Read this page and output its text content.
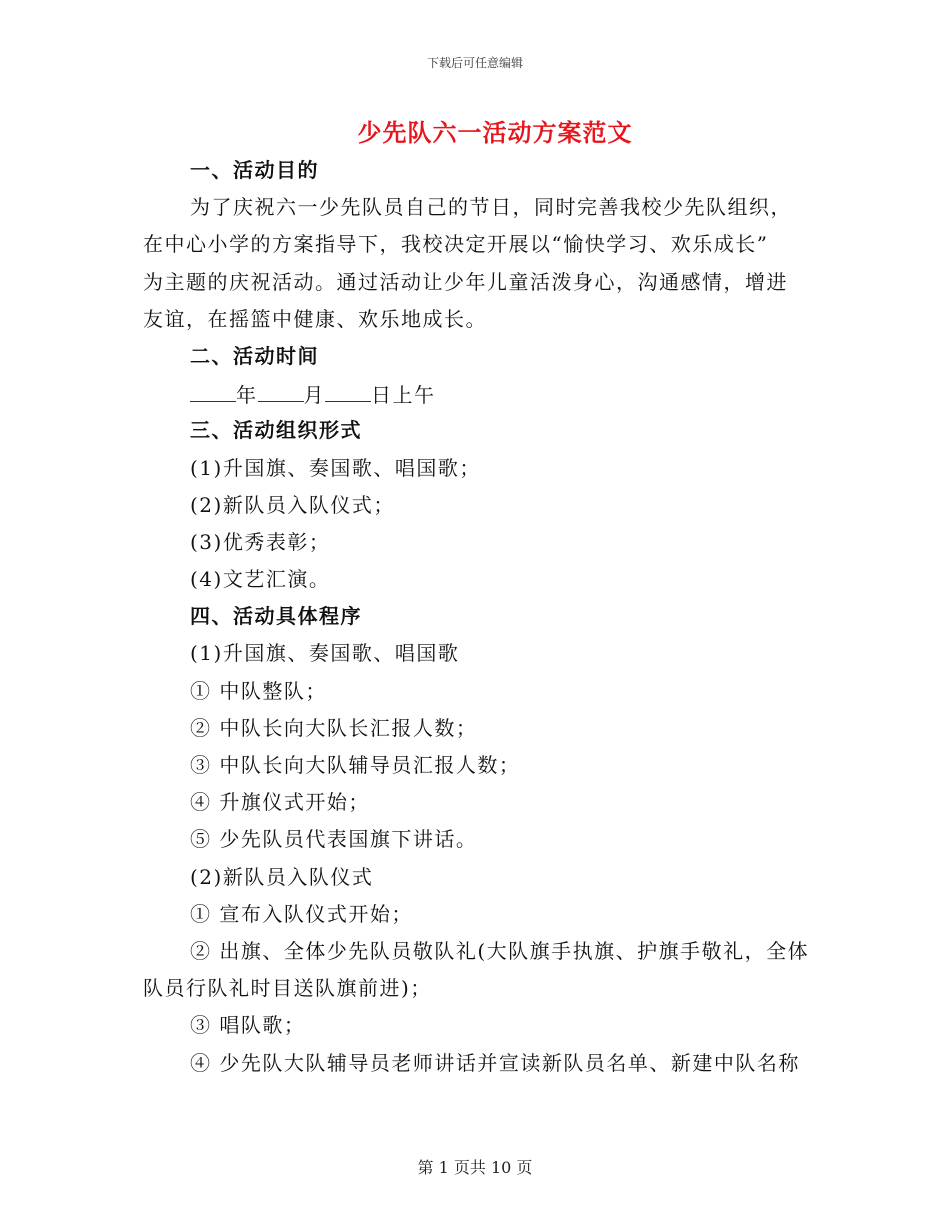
下载后可任意编辑
少先队六一活动方案范文
一、活动目的
为了庆祝六一少先队员自己的节日，同时完善我校少先队组织，
在中心小学的方案指导下，我校决定开展以“愉快学习、欢乐成长”
为主题的庆祝活动。通过活动让少年儿童活泼身心，沟通感情，增进
友谊，在摇篮中健康、欢乐地成长。
二、活动时间
年 月 日上午
三、活动组织形式
(1)升国旗、奏国歌、唱国歌；
(2)新队员入队仪式；
(3)优秀表彰；
(4)文艺汇演。
四、活动具体程序
(1)升国旗、奏国歌、唱国歌
① 中队整队；
② 中队长向大队长汇报人数；
③ 中队长向大队辅导员汇报人数；
④ 升旗仪式开始；
⑤ 少先队员代表国旗下讲话。
(2)新队员入队仪式
① 宣布入队仪式开始；
② 出旗、全体少先队员敬队礼(大队旗手执旗、护旗手敬礼，全体
队员行队礼时目送队旗前进)；
③ 唱队歌；
④ 少先队大队辅导员老师讲话并宣读新队员名单、新建中队名称
第 1 页共 10 页
